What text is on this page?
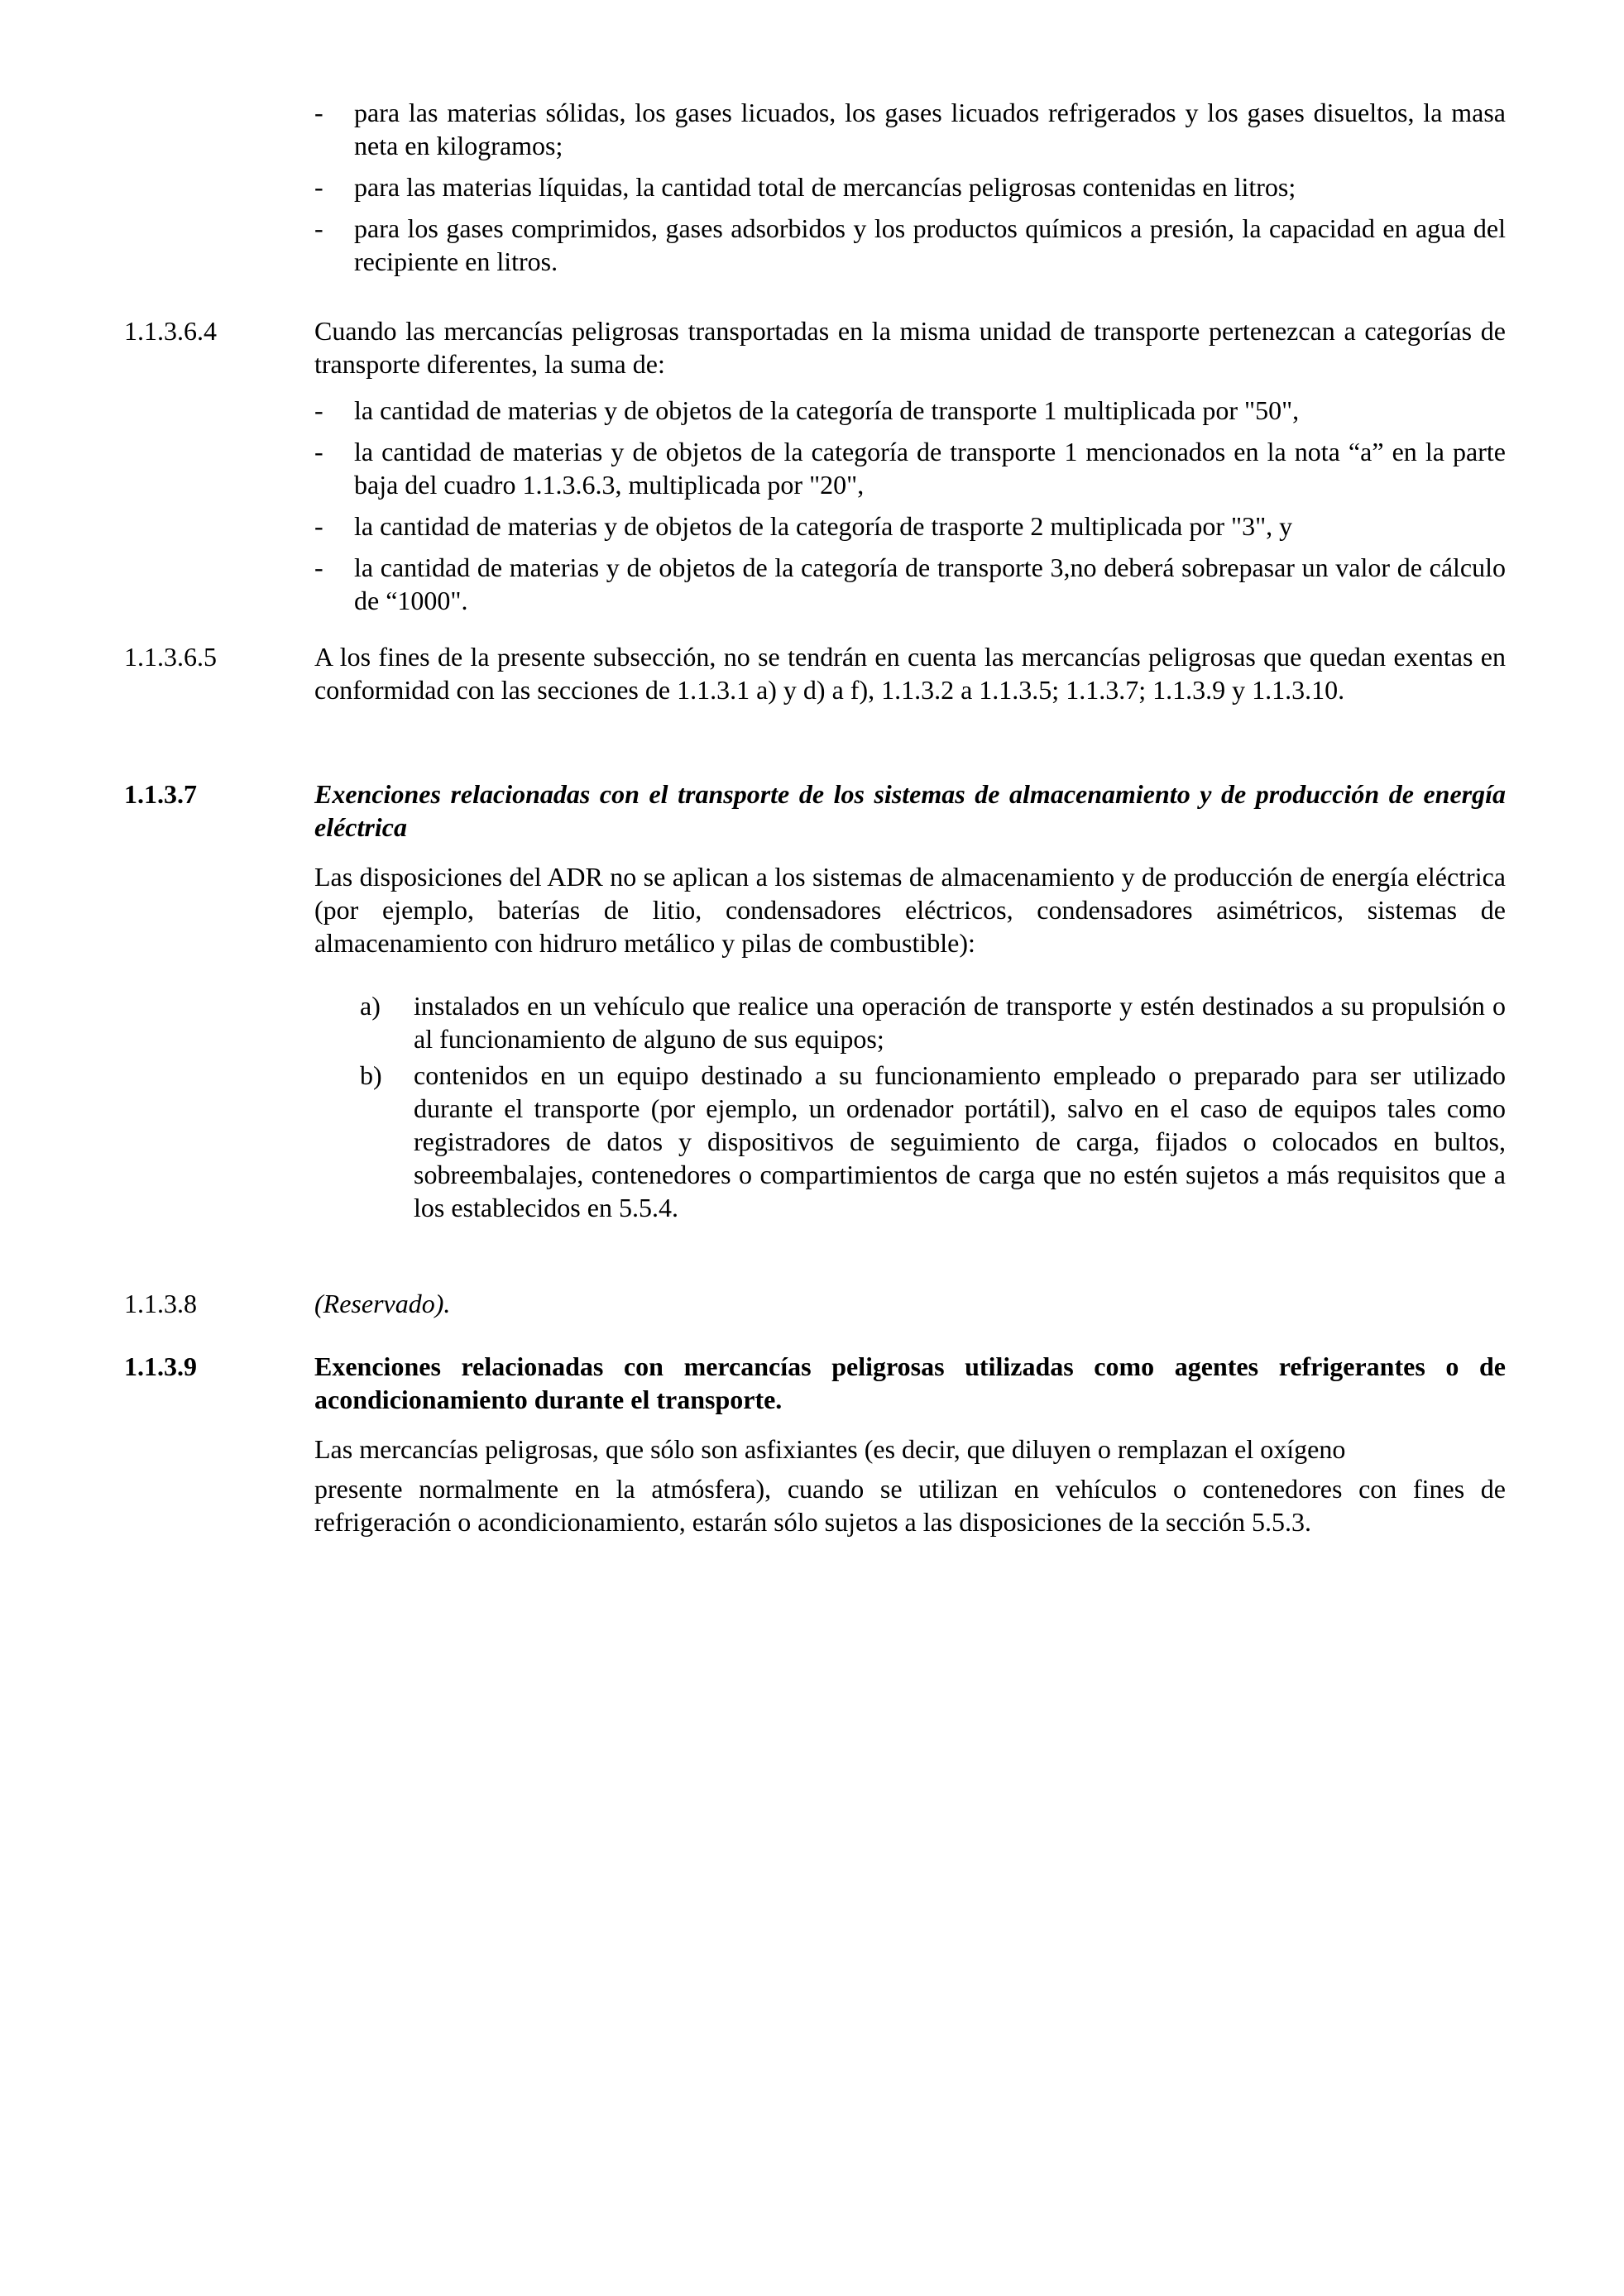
- para las materias sólidas, los gases licuados, los gases licuados refrigerados y los gases disueltos, la masa neta en kilogramos;
- para las materias líquidas, la cantidad total de mercancías peligrosas contenidas en litros;
- para los gases comprimidos, gases adsorbidos y los productos químicos a presión, la capacidad en agua del recipiente en litros.
1.1.3.6.4	Cuando las mercancías peligrosas transportadas en la misma unidad de transporte pertenezcan a categorías de transporte diferentes, la suma de:

- la cantidad de materias y de objetos de la categoría de transporte 1 multiplicada por "50",
- la cantidad de materias y de objetos de la categoría de transporte 1 mencionados en la nota “a” en la parte baja del cuadro 1.1.3.6.3, multiplicada por "20",
- la cantidad de materias y de objetos de la categoría de trasporte 2 multiplicada por "3", y
- la cantidad de materias y de objetos de la categoría de transporte 3,no deberá sobrepasar un valor de cálculo de “1000".
1.1.3.6.5	A los fines de la presente subsección, no se tendrán en cuenta las mercancías peligrosas que quedan exentas en conformidad con las secciones de 1.1.3.1 a) y d) a f), 1.1.3.2 a 1.1.3.5; 1.1.3.7; 1.1.3.9 y 1.1.3.10.

1.1.3.7	Exenciones relacionadas con el transporte de los sistemas de almacenamiento y de producción de energía eléctrica

Las disposiciones del ADR no se aplican a los sistemas de almacenamiento y de producción de energía eléctrica (por ejemplo, baterías de litio, condensadores eléctricos, condensadores asimétricos, sistemas de almacenamiento con hidruro metálico y pilas de combustible):

a) instalados en un vehículo que realice una operación de transporte y estén destinados a su propulsión o al funcionamiento de alguno de sus equipos;
b) contenidos en un equipo destinado a su funcionamiento empleado o preparado para ser utilizado durante el transporte (por ejemplo, un ordenador portátil), salvo en el caso de equipos tales como registradores de datos y dispositivos de seguimiento de carga, fijados o colocados en bultos, sobreembalajes, contenedores o compartimientos de carga que no estén sujetos a más requisitos que a los establecidos en 5.5.4.
1.1.3.8	(Reservado).

1.1.3.9	Exenciones relacionadas con mercancías peligrosas utilizadas como agentes refrigerantes o de acondicionamiento durante el transporte.

Las mercancías peligrosas, que sólo son asfixiantes (es decir, que diluyen o remplazan el oxígeno

presente normalmente en la atmósfera), cuando se utilizan en vehículos o contenedores con fines de refrigeración o acondicionamiento, estarán sólo sujetos a las disposiciones de la sección 5.5.3.
